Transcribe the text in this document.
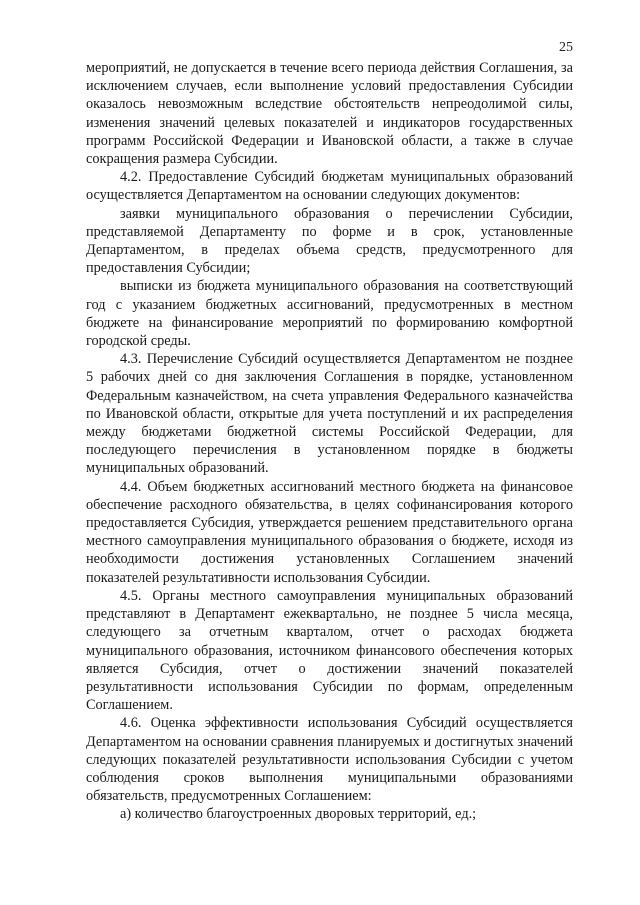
25

мероприятий, не допускается в течение всего периода действия Соглашения, за исключением случаев, если выполнение условий предоставления Субсидии оказалось невозможным вследствие обстоятельств непреодолимой силы, изменения значений целевых показателей и индикаторов государственных программ Российской Федерации и Ивановской области, а также в случае сокращения размера Субсидии.

4.2. Предоставление Субсидий бюджетам муниципальных образований осуществляется Департаментом на основании следующих документов:

заявки муниципального образования о перечислении Субсидии, представляемой Департаменту по форме и в срок, установленные Департаментом, в пределах объема средств, предусмотренного для предоставления Субсидии;

выписки из бюджета муниципального образования на соответствующий год с указанием бюджетных ассигнований, предусмотренных в местном бюджете на финансирование мероприятий по формированию комфортной городской среды.

4.3. Перечисление Субсидий осуществляется Департаментом не позднее 5 рабочих дней со дня заключения Соглашения в порядке, установленном Федеральным казначейством, на счета управления Федерального казначейства по Ивановской области, открытые для учета поступлений и их распределения между бюджетами бюджетной системы Российской Федерации, для последующего перечисления в установленном порядке в бюджеты муниципальных образований.

4.4. Объем бюджетных ассигнований местного бюджета на финансовое обеспечение расходного обязательства, в целях софинансирования которого предоставляется Субсидия, утверждается решением представительного органа местного самоуправления муниципального образования о бюджете, исходя из необходимости достижения установленных Соглашением значений показателей результативности использования Субсидии.

4.5. Органы местного самоуправления муниципальных образований представляют в Департамент ежеквартально, не позднее 5 числа месяца, следующего за отчетным кварталом, отчет о расходах бюджета муниципального образования, источником финансового обеспечения которых является Субсидия, отчет о достижении значений показателей результативности использования Субсидии по формам, определенным Соглашением.

4.6. Оценка эффективности использования Субсидий осуществляется Департаментом на основании сравнения планируемых и достигнутых значений следующих показателей результативности использования Субсидии с учетом соблюдения сроков выполнения муниципальными образованиями обязательств, предусмотренных Соглашением:

а) количество благоустроенных дворовых территорий, ед.;
